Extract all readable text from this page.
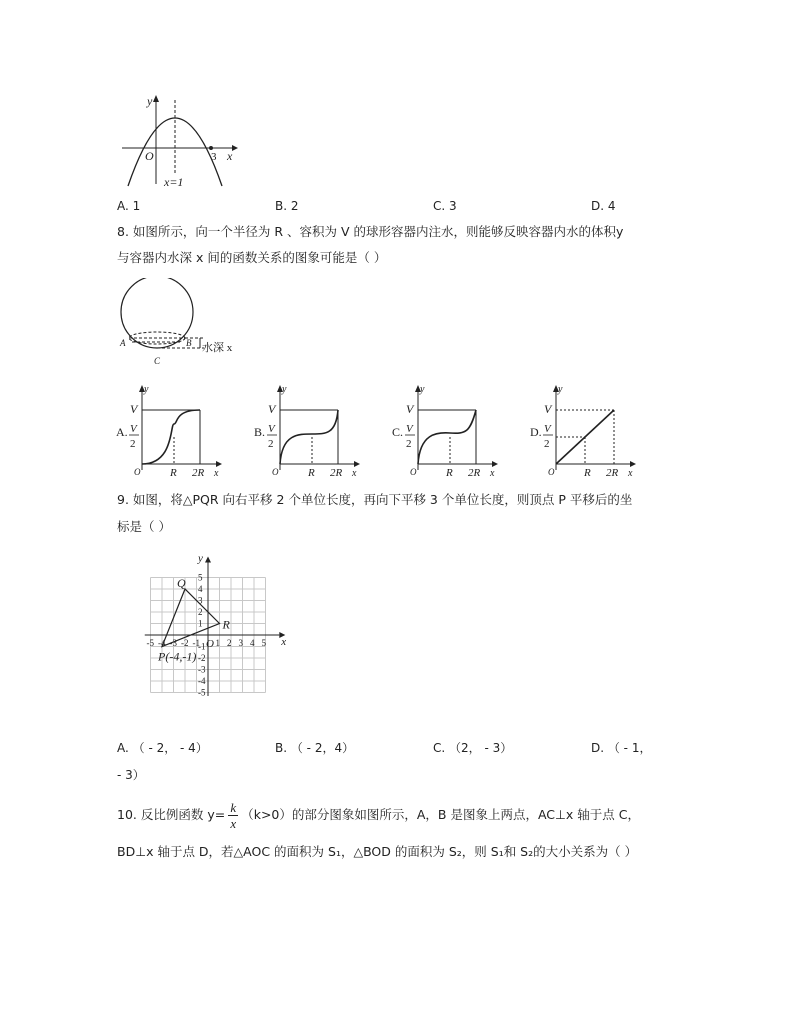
y
x
O	3
x=1
A. 1	B. 2	C. 3	D. 4
8. 如图所示，向一个半径为 R 、容积为 V 的球形容器内注水，则能够反映容器内水的体积y
与容器内水深 x 间的函数关系的图象可能是（ ）
A	B
C
水深 x
A.
y
V
V
2
O	R 2R x
B.
y
V
V
2
O	R 2R x
C.
y
V
V
2
O	R 2R x
D.
y
V
V
2
O	R 2R x
9. 如图，将△PQR 向右平移 2 个单位长度，再向下平移 3 个单位长度，则顶点 P 平移后的坐
标是（ ）
-5 -4 -3 -2 -1 1 2 3 4 5
5
4
3
2
1
-1
-2
-3
-4
-5
Q
R
P(-4,-1)
O	x
y
A. （ - 2， - 4）	B. （ - 2，4）	C. （2， - 3）	D. （ - 1，
- 3）
10. 反比例函数 y= k
x
（k>0）的部分图象如图所示，A，B 是图象上两点，AC⊥x 轴于点 C，
BD⊥x 轴于点 D，若△AOC 的面积为 S₁，△BOD 的面积为 S₂，则 S₁和 S₂的大小关系为（ ）
